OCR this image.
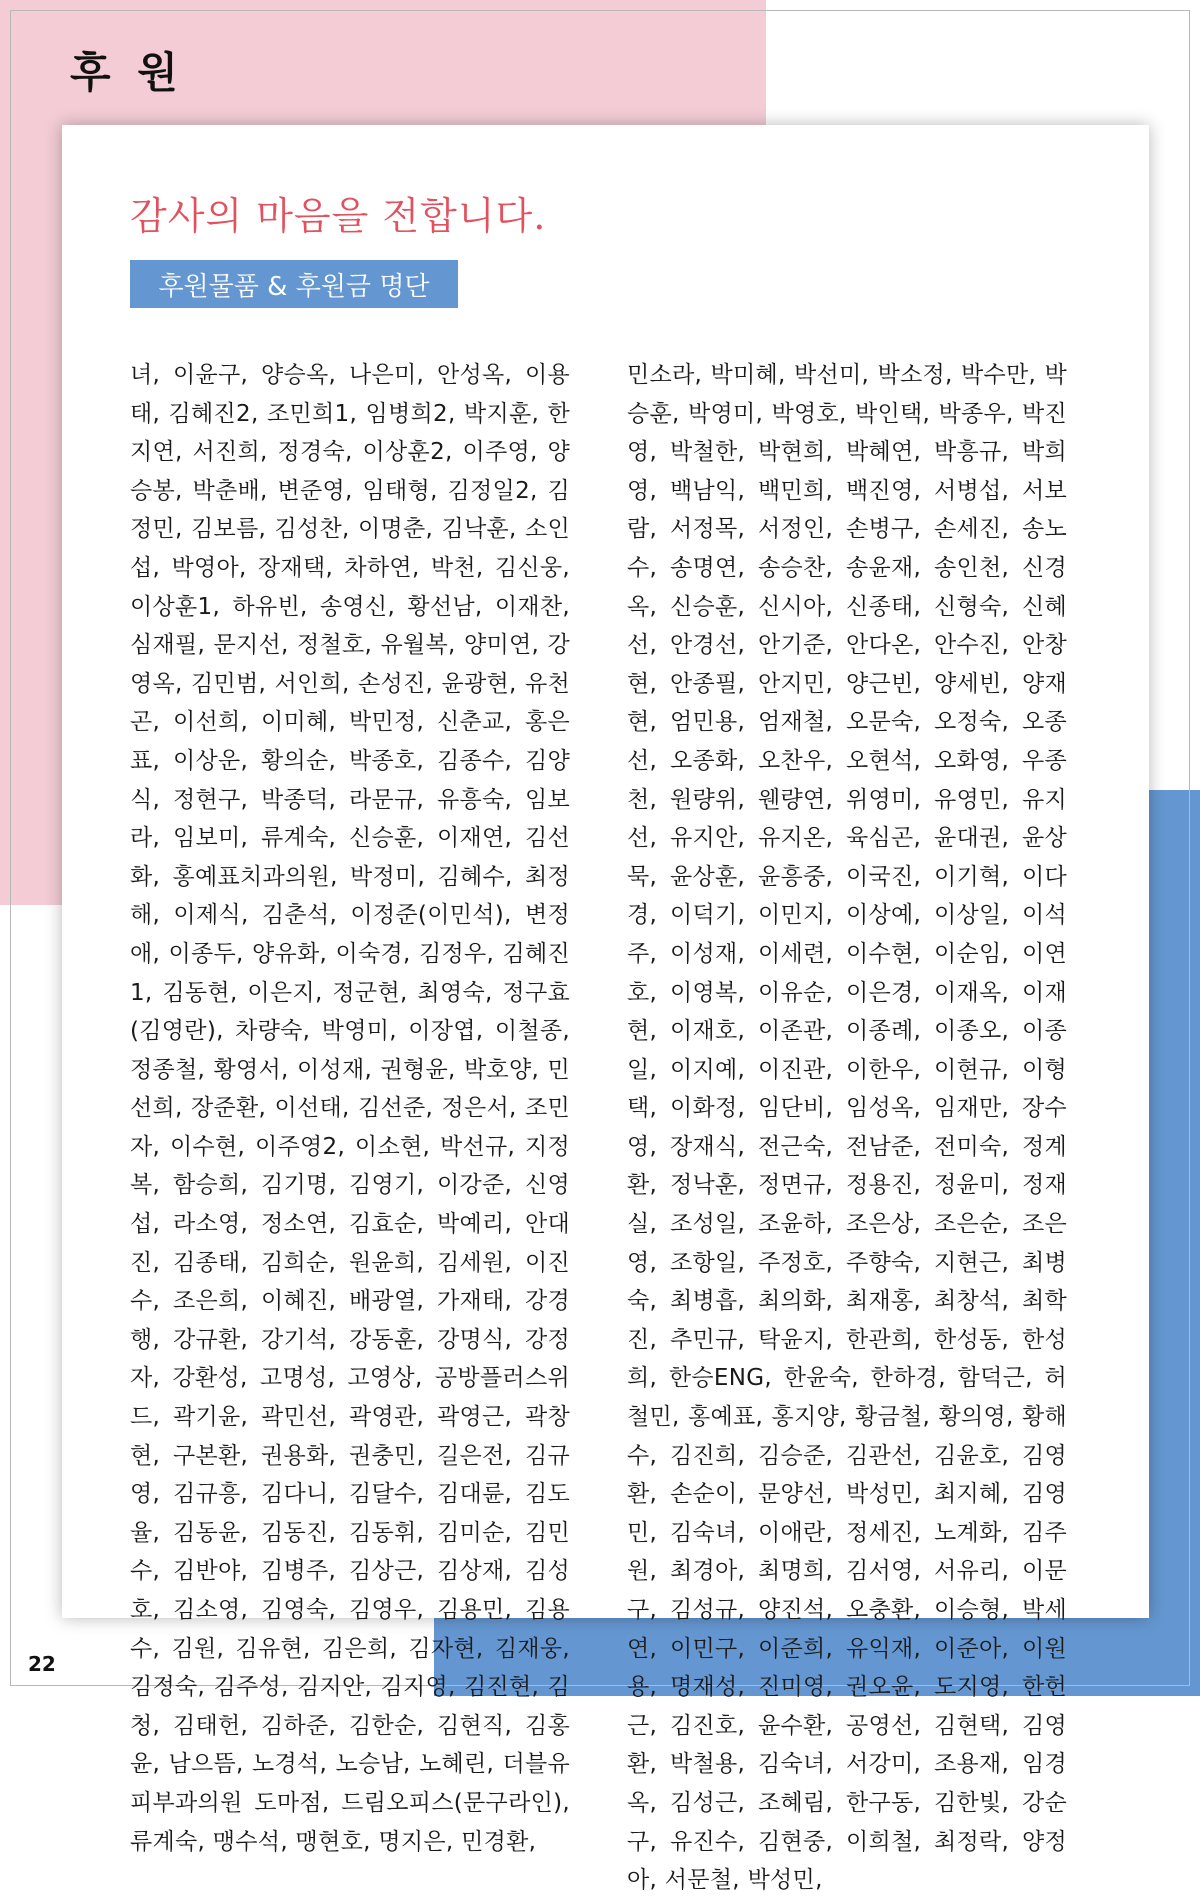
후 원
감사의 마음을 전합니다.
후원물품 & 후원금 명단

녀, 이윤구, 양승옥, 나은미, 안성옥, 이용태, 김혜진2, 조민희1, 임병희2, 박지훈, 한지연, 서진희, 정경숙, 이상훈2, 이주영, 양승봉, 박춘배, 변준영, 임태형, 김정일2, 김정민, 김보름, 김성찬, 이명춘, 김낙훈, 소인섭, 박영아, 장재택, 차하연, 박천, 김신웅, 이상훈1, 하유빈, 송영신, 황선남, 이재찬, 심재필, 문지선, 정철호, 유월복, 양미연, 강영옥, 김민범, 서인희, 손성진, 윤광현, 유천곤, 이선희, 이미혜, 박민정, 신춘교, 홍은표, 이상운, 황의순, 박종호, 김종수, 김양식, 정현구, 박종덕, 라문규, 유흥숙, 임보라, 임보미, 류계숙, 신승훈, 이재연, 김선화, 홍예표치과의원, 박정미, 김혜수, 최정해, 이제식, 김춘석, 이정준(이민석), 변정애, 이종두, 양유화, 이숙경, 김정우, 김혜진1, 김동현, 이은지, 정군현, 최영숙, 정구효(김영란), 차량숙, 박영미, 이장엽, 이철종, 정종철, 황영서, 이성재, 권형윤, 박호양, 민선희, 장준환, 이선태, 김선준, 정은서, 조민자, 이수현, 이주영2, 이소현, 박선규, 지정복, 함승희, 김기명, 김영기, 이강준, 신영섭, 라소영, 정소연, 김효순, 박예리, 안대진, 김종태, 김희순, 원윤희, 김세원, 이진수, 조은희, 이혜진, 배광열, 가재태, 강경행, 강규환, 강기석, 강동훈, 강명식, 강정자, 강환성, 고명성, 고영상, 공방플러스위드, 곽기윤, 곽민선, 곽영관, 곽영근, 곽창현, 구본환, 권용화, 권충민, 길은전, 김규영, 김규흥, 김다니, 김달수, 김대륜, 김도율, 김동윤, 김동진, 김동휘, 김미순, 김민수, 김반야, 김병주, 김상근, 김상재, 김성호, 김소영, 김영숙, 김영우, 김용민, 김용수, 김원, 김유현, 김은희, 김자현, 김재웅, 김정숙, 김주성, 김지안, 김지영, 김진현, 김청, 김태헌, 김하준, 김한순, 김현직, 김홍윤, 남으뜸, 노경석, 노승남, 노혜린, 더블유피부과의원 도마점, 드림오피스(문구라인), 류계숙, 맹수석, 맹현호, 명지은, 민경환,

민소라, 박미혜, 박선미, 박소정, 박수만, 박승훈, 박영미, 박영호, 박인택, 박종우, 박진영, 박철한, 박현희, 박혜연, 박흥규, 박희영, 백남익, 백민희, 백진영, 서병섭, 서보람, 서정목, 서정인, 손병구, 손세진, 송노수, 송명연, 송승찬, 송윤재, 송인천, 신경옥, 신승훈, 신시아, 신종태, 신형숙, 신혜선, 안경선, 안기준, 안다온, 안수진, 안창현, 안종필, 안지민, 양근빈, 양세빈, 양재현, 엄민용, 엄재철, 오문숙, 오정숙, 오종선, 오종화, 오찬우, 오현석, 오화영, 우종천, 원량위, 웬량연, 위영미, 유영민, 유지선, 유지안, 유지온, 육심곤, 윤대권, 윤상묵, 윤상훈, 윤흥중, 이국진, 이기혁, 이다경, 이덕기, 이민지, 이상예, 이상일, 이석주, 이성재, 이세련, 이수현, 이순임, 이연호, 이영복, 이유순, 이은경, 이재옥, 이재현, 이재호, 이존관, 이종례, 이종오, 이종일, 이지예, 이진관, 이한우, 이현규, 이형택, 이화정, 임단비, 임성옥, 임재만, 장수영, 장재식, 전근숙, 전남준, 전미숙, 정계환, 정낙훈, 정면규, 정용진, 정윤미, 정재실, 조성일, 조윤하, 조은상, 조은순, 조은영, 조항일, 주정호, 주향숙, 지현근, 최병숙, 최병흡, 최의화, 최재홍, 최창석, 최학진, 추민규, 탁윤지, 한관희, 한성동, 한성희, 한승ENG, 한윤숙, 한하경, 함덕근, 허철민, 홍예표, 홍지양, 황금철, 황의영, 황해수, 김진희, 김승준, 김관선, 김윤호, 김영환, 손순이, 문양선, 박성민, 최지혜, 김영민, 김숙녀, 이애란, 정세진, 노계화, 김주원, 최경아, 최명희, 김서영, 서유리, 이문구, 김성규, 양진석, 오충환, 이승형, 박세연, 이민구, 이준희, 유익재, 이준아, 이원용, 명재성, 진미영, 권오윤, 도지영, 한헌근, 김진호, 윤수환, 공영선, 김현택, 김영환, 박철용, 김숙녀, 서강미, 조용재, 임경옥, 김성근, 조혜림, 한구동, 김한빛, 강순구, 유진수, 김현중, 이희철, 최정락, 양정아, 서문철, 박성민,

22
